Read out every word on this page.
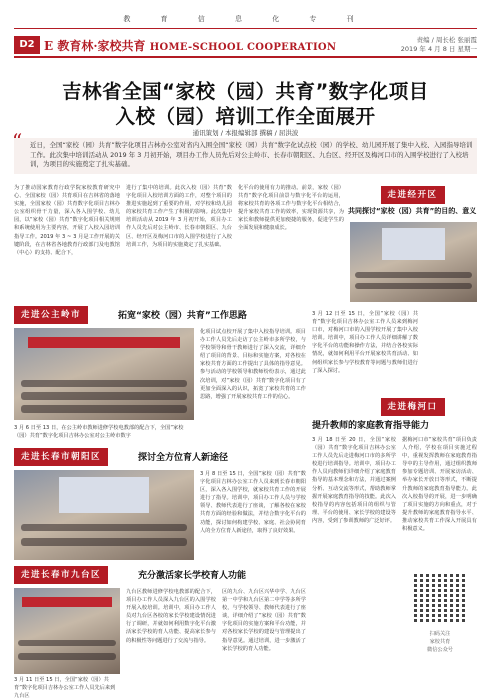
教 育 信 息 化 专 刊
D2 E 教育林·家校共育 HOME-SCHOOL COOPERATION
责编 / 周长松 张丽霞
2019 年 4 月 8 日 星期一
吉林省全国“家校（园）共育”数字化项目
入校（园）培训工作全面展开
通讯策划 / 本报编辑部 撰稿 / 屈洪波
“ 近日，全国“家校（园）共育”数字化项目吉林办公室对省内入围全国“家校（园）共育”数字化试点校（园）的学校、幼儿园开展了集中入校、入园指导培训工作。此次集中培训活动从 2019 年 3 月初开始，项目办工作人员先后对公主岭市、长春市朝阳区、九台区、经开区及梅河口市的入围学校进行了入校培训，为项目的实施奠定了扎实基础。
为了推动国家教育行政学院家校教育研究中心、全国家校（园）共育项目在吉林省的落地实施，全国家校（园）共育数字化项目吉林办公室组织骨干力量，深入各入围学校、幼儿园，以“家校（园）共育”数字化项目相关规则和系统使用为主要内容，开展了入校入园培训指导工作。2019 年 3 ~ 3 月是工作开展的关键阶段，在吉林省各地教育行政部门及电教馆（中心）的支持、配合下，
进行了集中的培训。此次入校（园）共育“数字化项目入校培训方面的工作，对整个项目的推进实施起到了重要的作用，对学校和幼儿园的家校共育工作产生了积极的影响。此次集中培训活动从 2019 年 3 月初开始，项目办工作人员先后对公主岭市、长春市朝阳区、九台区、经开区及梅河口市的入围学校进行了入校培训工作，为项目的实施奠定了扎实基础。
化平台的使用有力的推动。前景，家校（园）共育“数字化项目前景与数字化平台的运用，将家校共育的各项工作与数字化平台相结合，提升家校共育工作的效率，实现资源共享，为家长和教师提供更加便捷的服务，促进学生的全面发展和健康成长。
走进经开区
共同探讨“家校（园）共育”的目的、意义
走进公主岭市	拓宽“家校（园）共育”工作思路
3 月 6 日至 13 日，在公主岭市教师进修学校电教部的配合下，全国“家校（园）共育”数字化项目吉林办公室对公主岭市数字
化项目试点校开展了集中入校指导培训。项目办工作人员先后走访了公主岭市多所学校，与学校领导和骨干教师进行了深入交流，详细介绍了项目的背景、目标和实施方案，对各校在家校共育方面的工作提出了具体的指导意见。参与活动的学校领导和教师纷纷表示，通过此次培训，对“家校（园）共育”数字化项目有了更加全面深入的认识，拓宽了家校共育的工作思路，增强了开展家校共育工作的信心。
3 月 12 日至 15 日，全国“家校（园）共育”数字化项目吉林办公室工作人员来到梅河口市，对梅河口市的入围学校开展了集中入校培训。培训中，项目办工作人员详细讲解了数字化平台的功能和操作方法，并结合各校实际情况，就如何利用平台开展家校共育活动、如何组织家长参与学校教育等问题与教师们进行了深入探讨。
走进梅河口
提升教师的家庭教育指导能力
走进长春市朝阳区	探讨全方位育人新途径
3 月 8 日至 15 日，全国“家校（园）共育”数字化项目吉林办公室工作人员来到长春市朝阳区，深入各入围学校，就家校共育工作的开展进行了指导。培训中，项目办工作人员与学校领导、教师代表进行了座谈，了解各校在家校共育方面的经验和做法，并结合数字化平台的功能，探讨如何构建学校、家庭、社会协同育人的全方位育人新途径，取得了良好效果。
3 月 18 日至 20 日，全国“家校（园）共育”数字化项目吉林办公室工作人员先后走进梅河口市的多所学校进行培训指导。培训中，项目办工作人员向教师们详细介绍了家庭教育指导的基本理念和方法，并通过案例分析、互动交流等形式，帮助教师掌握开展家庭教育指导的技能。此次入校指导的内容包括项目的组织与管理、平台的使用、家长学校的建设等内容，受到了参训教师的广泛好评。
据梅河口市“家校共育”项目负责人介绍，学校在项目实施过程中，重视发挥教师在家庭教育指导中的主导作用，通过组织教师参加专题培训、开展家访活动、举办家长开放日等形式，不断提升教师的家庭教育指导能力。此次入校指导的开展，进一步明确了项目实施的方向和重点，对于提升教师的家庭教育指导水平、推动家校共育工作深入开展具有积极意义。
走进长春市九台区	充分激活家长学校育人功能
3 月 11 日至 15 日，全国“家校（园）共育”数字化项目吉林办公室工作人员先后来到九台区
九台区教师进修学校电教部的配合下，项目办工作人员深入九台区的入围学校开展入校培训。培训中，项目办工作人员对九台区各校的家长学校建设情况进行了调研，并就如何利用数字化平台激活家长学校的育人功能、提高家长参与的积极性等问题进行了交流与指导。
区的九台、九台区兴华中学、九台区第一中学和九台区第二中学等多所学校，与学校领导、教师代表进行了座谈，详细介绍了“家校（园）共育”数字化项目的实施方案和平台功能，并对各校家长学校的建设与管理提出了指导意见。通过培训，进一步激活了家长学校的育人功能。
扫码关注
家校共育
微信公众号
